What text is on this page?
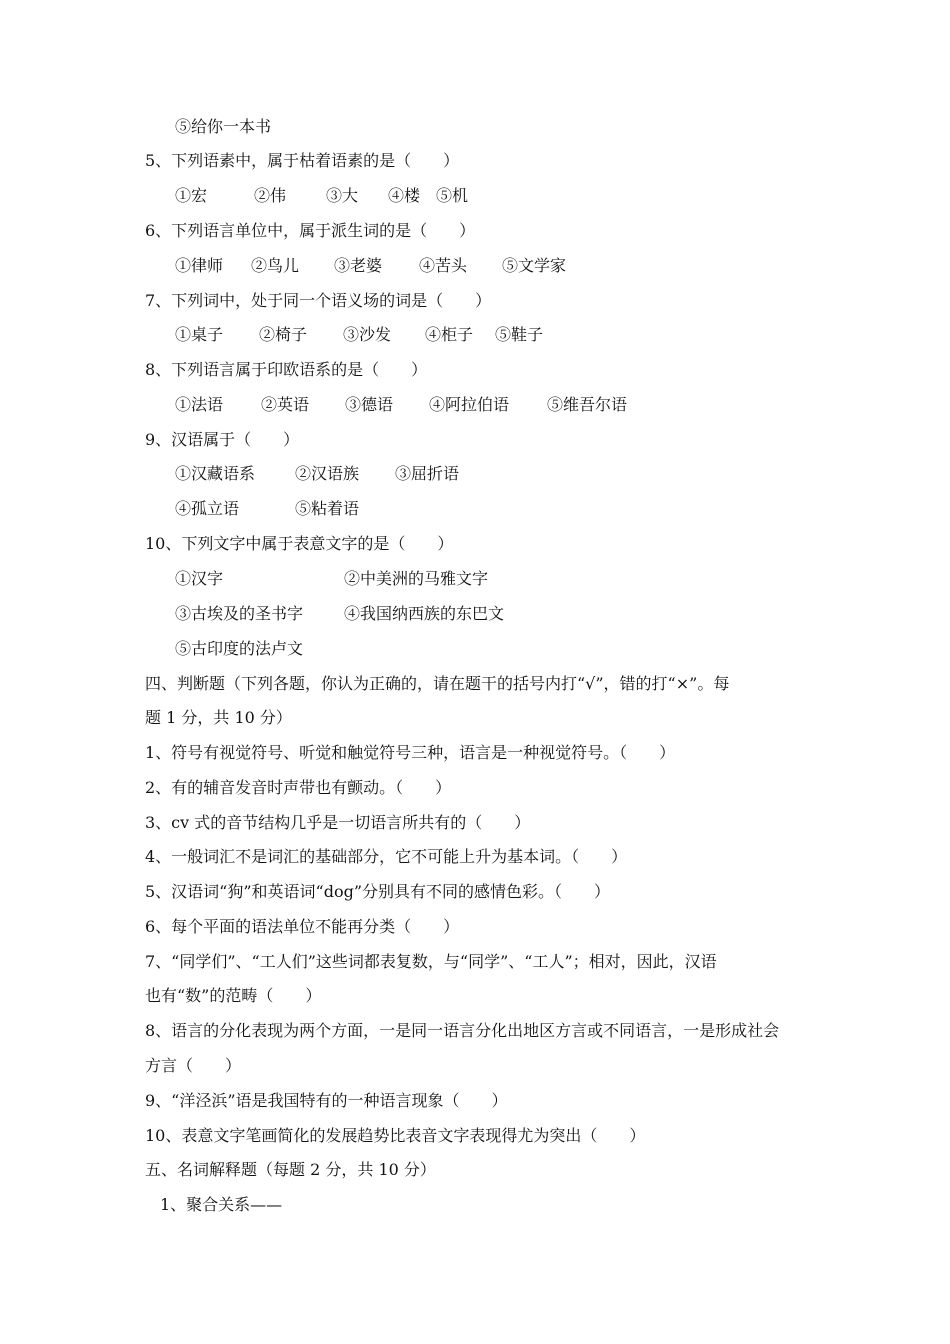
⑤给你一本书
5、下列语素中，属于枯着语素的是（　　）
①宏	②伟 ③大 ④楼 ⑤机
6、下列语言单位中，属于派生词的是（　　）
①律师 ②鸟儿 ③老婆 ④苦头 ⑤文学家
7、下列词中，处于同一个语义场的词是（　　）
①桌子 ②椅子 ③沙发 ④柜子 ⑤鞋子
8、下列语言属于印欧语系的是（　　）
①法语 ②英语 ③德语 ④阿拉伯语 ⑤维吾尔语
9、汉语属于（　　）
①汉藏语系 ②汉语族 ③屈折语
④孤立语	⑤粘着语
10、下列文字中属于表意文字的是（　　）
①汉字	②中美洲的马雅文字
③古埃及的圣书字	④我国纳西族的东巴文
⑤古印度的法卢文
四、判断题（下列各题，你认为正确的，请在题干的括号内打“√”，错的打“×”。每
题 1 分，共 10 分）
1、符号有视觉符号、听觉和触觉符号三种，语言是一种视觉符号。（　　）
2、有的辅音发音时声带也有颤动。（　　）
3、cv 式的音节结构几乎是一切语言所共有的（　　）
4、一般词汇不是词汇的基础部分，它不可能上升为基本词。（　　）
5、汉语词“狗”和英语词“dog”分别具有不同的感情色彩。（　　）
6、每个平面的语法单位不能再分类（　　）
7、“同学们”、“工人们”这些词都表复数，与“同学”、“工人”；相对，因此，汉语
也有“数”的范畴（　　）
8、语言的分化表现为两个方面，一是同一语言分化出地区方言或不同语言，一是形成社会
方言（　　）
9、“洋泾浜”语是我国特有的一种语言现象（　　）
10、表意文字笔画简化的发展趋势比表音文字表现得尤为突出（　　）
五、名词解释题（每题 2 分，共 10 分）
1、聚合关系——
